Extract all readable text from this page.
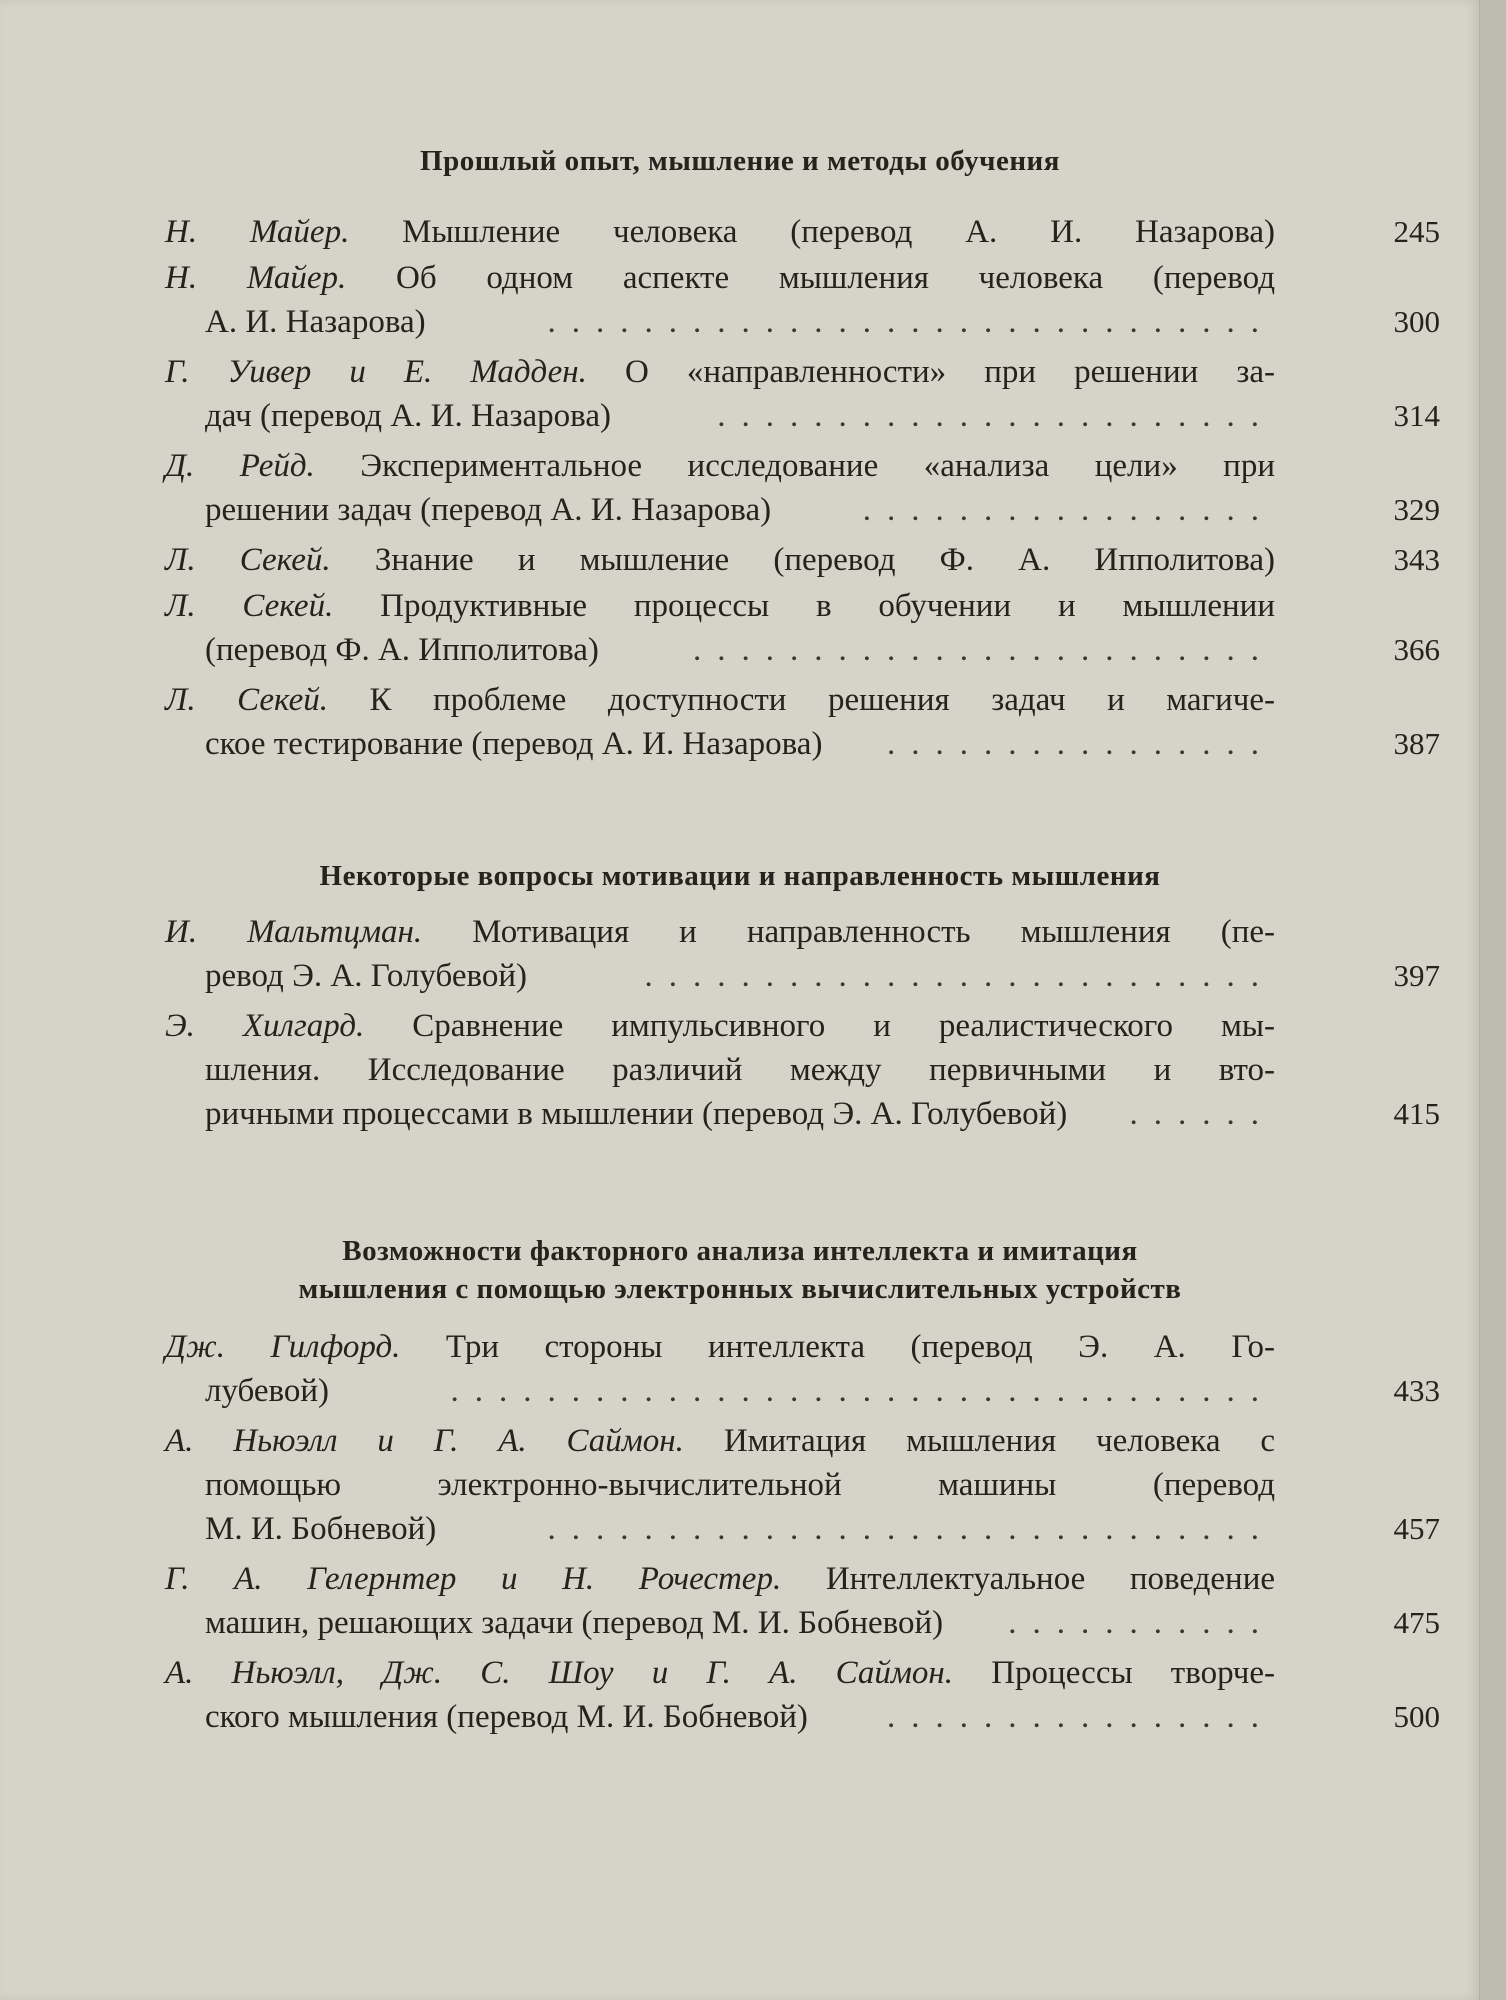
Прошлый опыт, мышление и методы обучения
Н. Майер. Мышление человека (перевод А. И. Назарова)	245
Н. Майер. Об одном аспекте мышления человека (перевод
А. И. Назарова)	300
..............................
Г. Уивер и Е. Мадден. О «направленности» при решении за-
дач (перевод А. И. Назарова)	314
.......................
Д. Рейд. Экспериментальное исследование «анализа цели» при
решении задач (перевод А. И. Назарова)	329
.................
Л. Секей. Знание и мышление (перевод Ф. А. Ипполитова)	343
Л. Секей. Продуктивные процессы в обучении и мышлении
(перевод Ф. А. Ипполитова)	366
........................
Л. Секей. К проблеме доступности решения задач и магиче-
ское тестирование (перевод А. И. Назарова)	387
................
Некоторые вопросы мотивации и направленность мышления
И. Мальтцман. Мотивация и направленность мышления (пе-
ревод Э. А. Голубевой)	397
..........................
Э. Хилгард. Сравнение импульсивного и реалистического мы-
шления. Исследование различий между первичными и вто-
ричными процессами в мышлении (перевод Э. А. Голубевой)	415
......
Возможности факторного анализа интеллекта и имитация
мышления с помощью электронных вычислительных устройств
Дж. Гилфорд. Три стороны интеллекта (перевод Э. А. Го-
лубевой)	433
..................................
А. Ньюэлл и Г. А. Саймон. Имитация мышления человека с
помощью электронно-вычислительной машины (перевод
М. И. Бобневой)	457
..............................
Г. А. Гелернтер и Н. Рочестер. Интеллектуальное поведение
машин, решающих задачи (перевод М. И. Бобневой)	475
...........
А. Ньюэлл, Дж. С. Шоу и Г. А. Саймон. Процессы творче-
ского мышления (перевод М. И. Бобневой)	500
................
